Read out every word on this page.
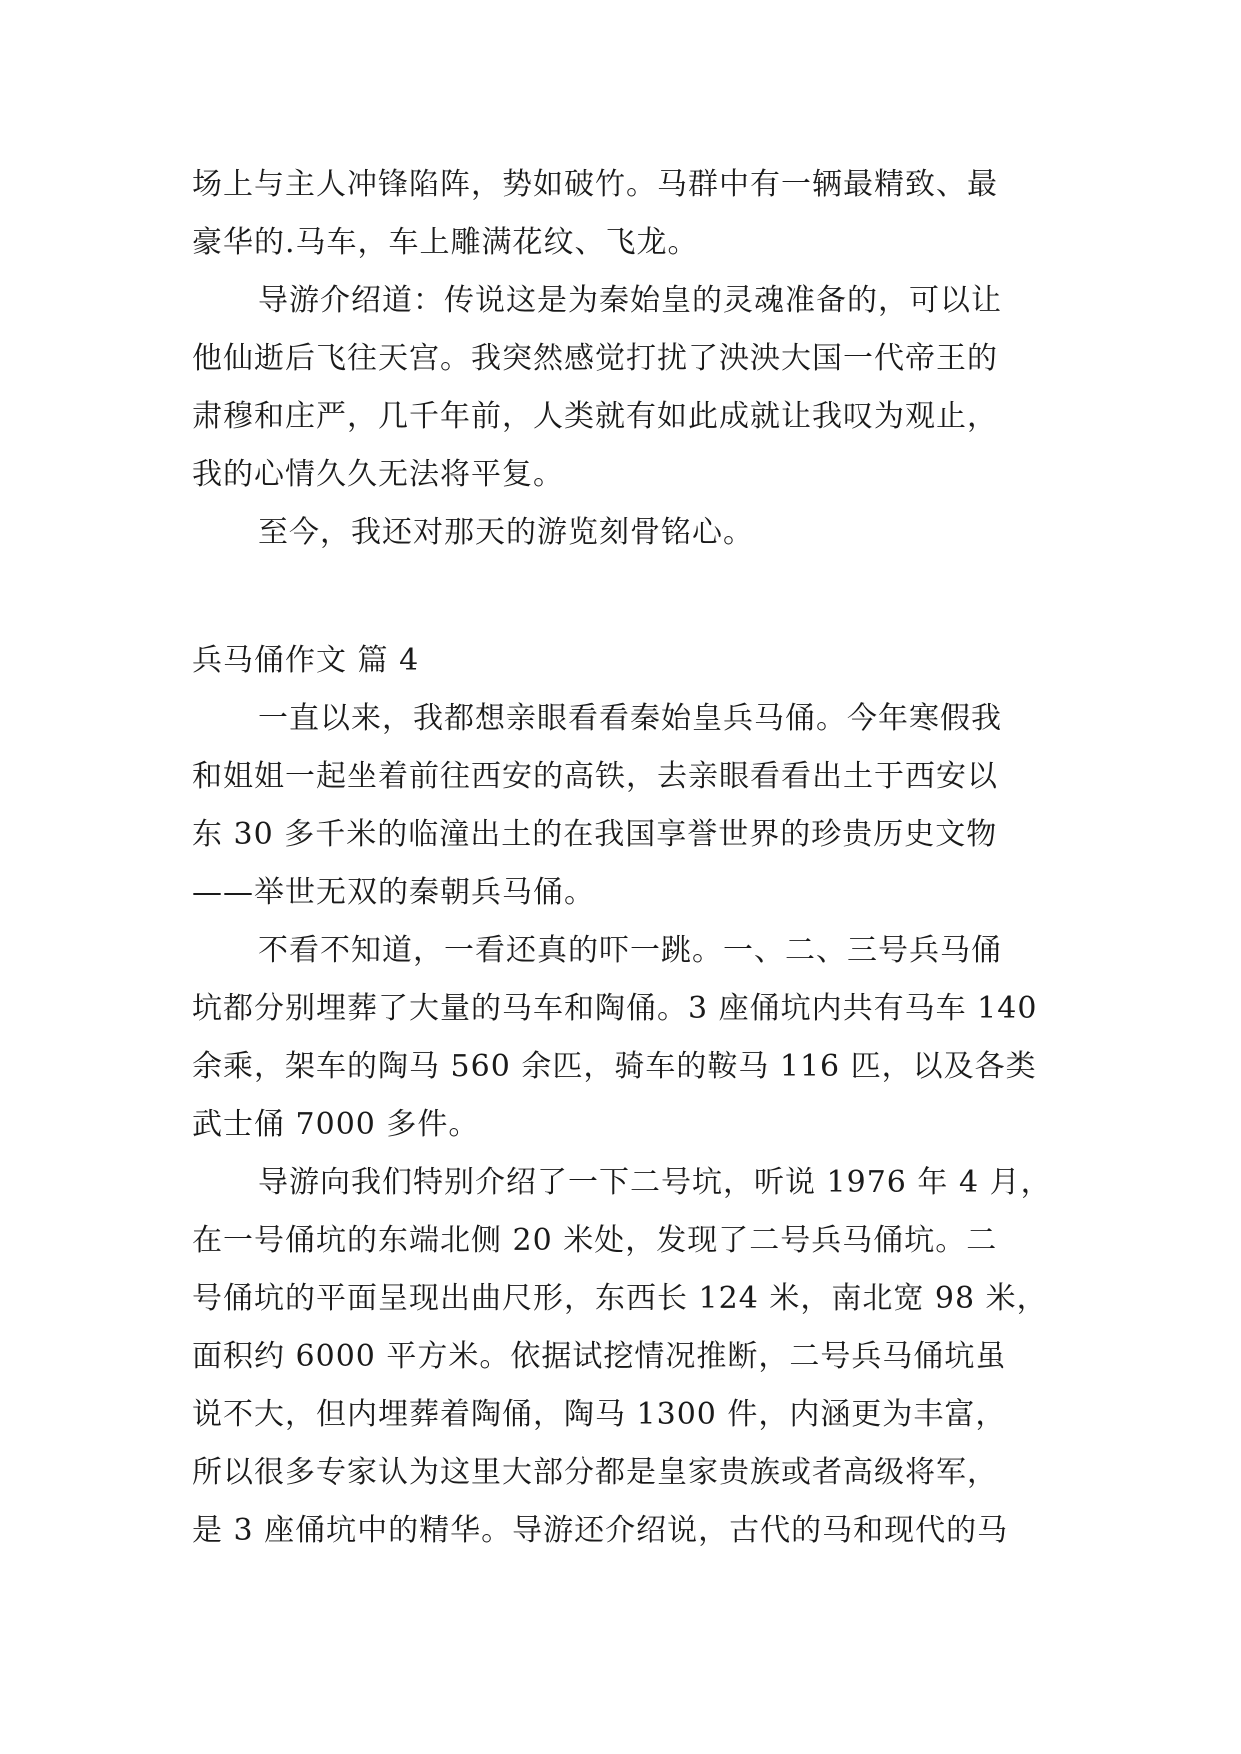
场上与主人冲锋陷阵，势如破竹。马群中有一辆最精致、最
豪华的.马车，车上雕满花纹、飞龙。
导游介绍道：传说这是为秦始皇的灵魂准备的，可以让
他仙逝后飞往天宫。我突然感觉打扰了泱泱大国一代帝王的
肃穆和庄严，几千年前，人类就有如此成就让我叹为观止，
我的心情久久无法将平复。
至今，我还对那天的游览刻骨铭心。
兵马俑作文 篇 4
一直以来，我都想亲眼看看秦始皇兵马俑。今年寒假我
和姐姐一起坐着前往西安的高铁，去亲眼看看出土于西安以
东 30 多千米的临潼出土的在我国享誉世界的珍贵历史文物
——举世无双的秦朝兵马俑。
不看不知道，一看还真的吓一跳。一、二、三号兵马俑
坑都分别埋葬了大量的马车和陶俑。3 座俑坑内共有马车 140
余乘，架车的陶马 560 余匹，骑车的鞍马 116 匹，以及各类
武士俑 7000 多件。
导游向我们特别介绍了一下二号坑，听说 1976 年 4 月，
在一号俑坑的东端北侧 20 米处，发现了二号兵马俑坑。二
号俑坑的平面呈现出曲尺形，东西长 124 米，南北宽 98 米，
面积约 6000 平方米。依据试挖情况推断，二号兵马俑坑虽
说不大，但内埋葬着陶俑，陶马 1300 件，内涵更为丰富，
所以很多专家认为这里大部分都是皇家贵族或者高级将军，
是 3 座俑坑中的精华。导游还介绍说，古代的马和现代的马
